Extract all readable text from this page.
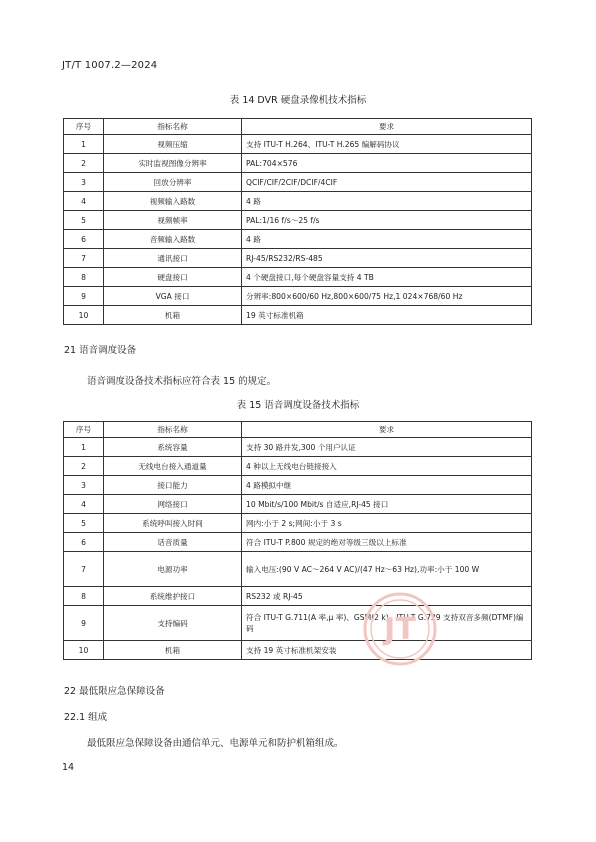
JT/T 1007.2—2024
表 14 DVR 硬盘录像机技术指标
序号	指标名称	要求
1	视频压缩	支持 ITU-T H.264、ITU-T H.265 编解码协议
2	实时监视图像分辨率	PAL:704×576
3	回放分辨率	QCIF/CIF/2CIF/DCIF/4CIF
4	视频输入路数	4 路
5	视频帧率	PAL:1/16 f/s～25 f/s
6	音频输入路数	4 路
7	通讯接口	RJ-45/RS232/RS-485
8	硬盘接口	4 个硬盘接口,每个硬盘容量支持 4 TB
9	VGA 接口	分辨率:800×600/60 Hz,800×600/75 Hz,1 024×768/60 Hz
10	机箱	19 英寸标准机箱
21 语音调度设备
语音调度设备技术指标应符合表 15 的规定。
表 15 语音调度设备技术指标
序号	指标名称	要求
1	系统容量	支持 30 路并发,300 个用户认证
2	无线电台接入通道量	4 种以上无线电台链接接入
3	接口能力	4 路模拟中继
4	网络接口	10 Mbit/s/100 Mbit/s 自适应,RJ-45 接口
5	系统呼叫接入时间	网内:小于 2 s;网间:小于 3 s
6	话音质量	符合 ITU-T P.800 规定的绝对等级三级以上标准
7	电源功率	输入电压:(90 V AC～264 V AC)/(47 Hz～63 Hz),功率:小于 100 W
8	系统维护接口	RS232 或 RJ-45
9	支持编码	符合 ITU-T G.711(A 率,μ 率)、GSM(2 k)、ITU-T G.729 支持双音多频(DTMF)编码
10	机箱	支持 19 英寸标准机架安装
JT
22 最低限应急保障设备
22.1 组成
最低限应急保障设备由通信单元、电源单元和防护机箱组成。
14
